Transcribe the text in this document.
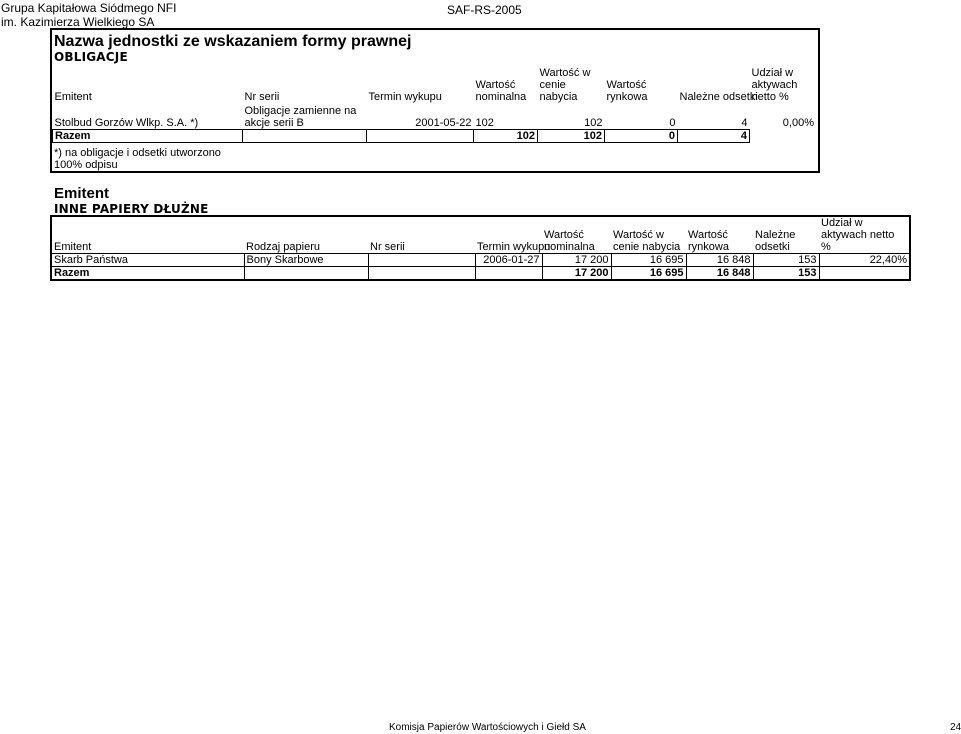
Grupa Kapitałowa Siódmego NFI
im. Kazimierza Wielkiego SA
SAF-RS-2005
Nazwa jednostki ze wskazaniem formy prawnej
OBLIGACJE
Emitent	Nr serii	Termin wykupu	Wartość nominalna	Wartość w cenie nabycia	Wartość rynkowa	Należne odsetki	Udział w aktywach netto %
Stolbud Gorzów Wlkp. S.A. *)	Obligacje zamienne na akcje serii B	2001-05-22	102	102	0	4	0,00%
Razem			102	102	0	4	
*) na obligacje i odsetki utworzono 100% odpisu
Emitent
INNE PAPIERY DŁUŻNE
Emitent	Rodzaj papieru	Nr serii	Termin wykupu	Wartość nominalna	Wartość w cenie nabycia	Wartość rynkowa	Należne odsetki	Udział w aktywach netto %
Skarb Państwa	Bony Skarbowe		2006-01-27	17 200	16 695	16 848	153	22,40%
Razem				17 200	16 695	16 848	153	
Komisja Papierów Wartościowych i Giełd SA	24
